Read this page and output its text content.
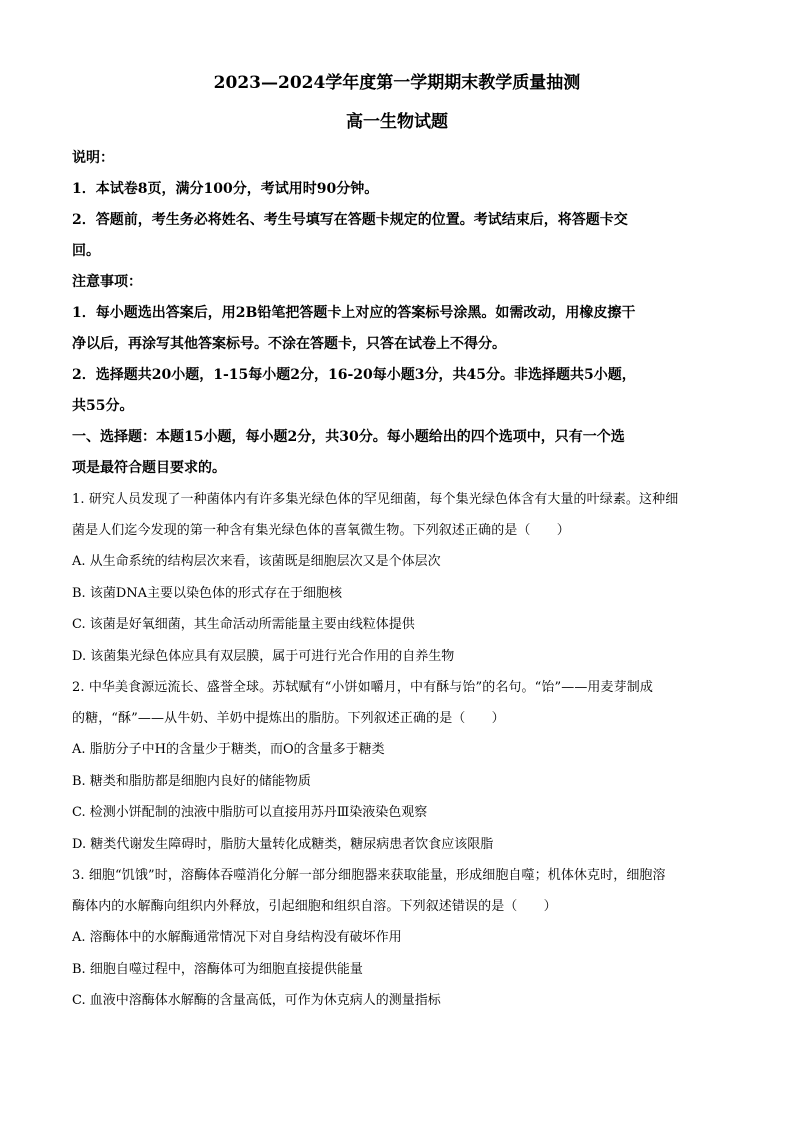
2023—2024学年度第一学期期末教学质量抽测

高一生物试题

说明：

1．本试卷8页，满分100分，考试用时90分钟。

2．答题前，考生务必将姓名、考生号填写在答题卡规定的位置。考试结束后，将答题卡交

回。

注意事项：

1．每小题选出答案后，用2B铅笔把答题卡上对应的答案标号涂黑。如需改动，用橡皮擦干

净以后，再涂写其他答案标号。不涂在答题卡，只答在试卷上不得分。

2．选择题共20小题，1-15每小题2分，16-20每小题3分，共45分。非选择题共5小题，

共55分。

一、选择题：本题15小题，每小题2分，共30分。每小题给出的四个选项中，只有一个选

项是最符合题目要求的。

1. 研究人员发现了一种菌体内有许多集光绿色体的罕见细菌，每个集光绿色体含有大量的叶绿素。这种细

菌是人们迄今发现的第一种含有集光绿色体的喜氧微生物。下列叙述正确的是（　　）

A. 从生命系统的结构层次来看，该菌既是细胞层次又是个体层次

B. 该菌DNA主要以染色体的形式存在于细胞核

C. 该菌是好氧细菌，其生命活动所需能量主要由线粒体提供

D. 该菌集光绿色体应具有双层膜，属于可进行光合作用的自养生物

2. 中华美食源远流长、盛誉全球。苏轼赋有“小饼如嚼月，中有酥与饴”的名句。“饴”——用麦芽制成

的糖，“酥”——从牛奶、羊奶中提炼出的脂肪。下列叙述正确的是（　　）

A. 脂肪分子中H的含量少于糖类，而O的含量多于糖类

B. 糖类和脂肪都是细胞内良好的储能物质

C. 检测小饼配制的浊液中脂肪可以直接用苏丹Ⅲ染液染色观察

D. 糖类代谢发生障碍时，脂肪大量转化成糖类，糖尿病患者饮食应该限脂

3. 细胞“饥饿”时，溶酶体吞噬消化分解一部分细胞器来获取能量，形成细胞自噬；机体休克时，细胞溶

酶体内的水解酶向组织内外释放，引起细胞和组织自溶。下列叙述错误的是（　　）

A. 溶酶体中的水解酶通常情况下对自身结构没有破坏作用

B. 细胞自噬过程中，溶酶体可为细胞直接提供能量

C. 血液中溶酶体水解酶的含量高低，可作为休克病人的测量指标
